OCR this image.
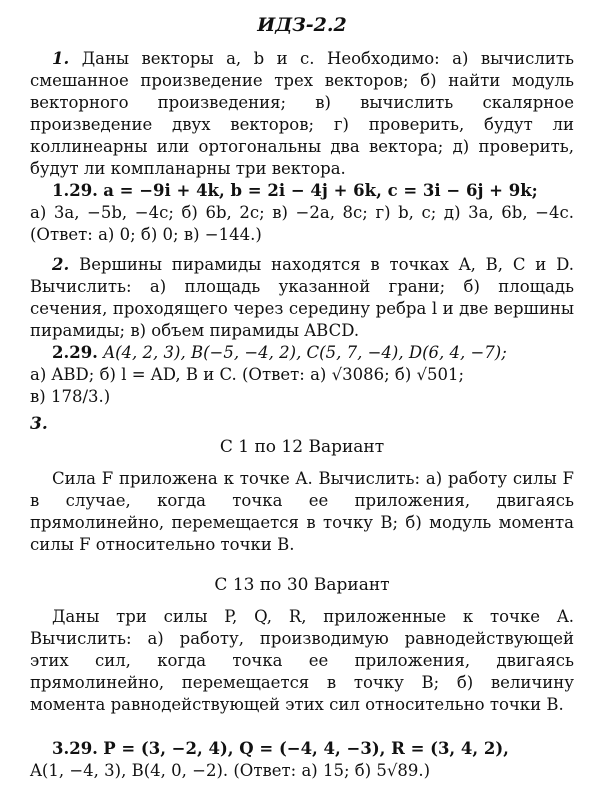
ИДЗ-2.2

1. Даны векторы a, b и c. Необходимо: а) вычислить смешанное произведение трех векторов; б) найти модуль векторного произведения; в) вычислить скалярное произведение двух векторов; г) проверить, будут ли коллинеарны или ортогональны два вектора; д) проверить, будут ли компланарны три вектора.

1.29. a = −9i + 4k, b = 2i − 4j + 6k, c = 3i − 6j + 9k;

а) 3a, −5b, −4c; б) 6b, 2c; в) −2a, 8c; г) b, c; д) 3a, 6b, −4c. (Ответ: а) 0; б) 0; в) −144.)

2. Вершины пирамиды находятся в точках A, B, C и D. Вычислить: а) площадь указанной грани; б) площадь сечения, проходящего через середину ребра l и две вершины пирамиды; в) объем пирамиды ABCD.

2.29. A(4, 2, 3), B(−5, −4, 2), C(5, 7, −4), D(6, 4, −7);

а) ABD; б) l = AD, B и C. (Ответ: а) √3086; б) √501;

в) 178/3.)

3.
С 1 по 12 Вариант

Сила F приложена к точке A. Вычислить: а) работу силы F в случае, когда точка ее приложения, двигаясь прямолинейно, перемещается в точку B; б) модуль момента силы F относительно точки B.

С 13 по 30 Вариант

Даны три силы P, Q, R, приложенные к точке A. Вычислить: а) работу, производимую равнодействующей этих сил, когда точка ее приложения, двигаясь прямолинейно, перемещается в точку B; б) величину момента равнодействующей этих сил относительно точки B.

3.29. P = (3, −2, 4), Q = (−4, 4, −3), R = (3, 4, 2),

A(1, −4, 3), B(4, 0, −2). (Ответ: а) 15; б) 5√89.)
